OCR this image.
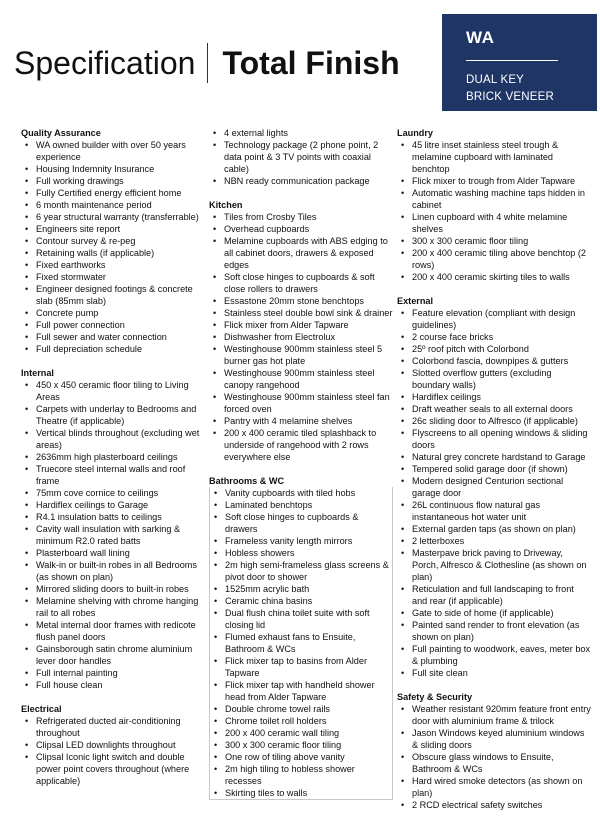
Specification Total Finish
WA
DUAL KEY
BRICK VENEER
Quality Assurance
• WA owned builder with over 50 years experience
• Housing Indemnity Insurance
• Full working drawings
• Fully Certified energy efficient home
• 6 month maintenance period
• 6 year structural warranty (transferrable)
• Engineers site report
• Contour survey & re-peg
• Retaining walls (if applicable)
• Fixed earthworks
• Fixed stormwater
• Engineer designed footings & concrete slab (85mm slab)
• Concrete pump
• Full power connection
• Full sewer and water connection
• Full depreciation schedule
Internal
• 450 x 450 ceramic floor tiling to Living Areas
• Carpets with underlay to Bedrooms and Theatre (if applicable)
• Vertical blinds throughout (excluding wet areas)
• 2636mm high plasterboard ceilings
• Truecore steel internal walls and roof frame
• 75mm cove cornice to ceilings
• Hardiflex ceilings to Garage
• R4.1 insulation batts to ceilings
• Cavity wall insulation with sarking & minimum R2.0 rated batts
• Plasterboard wall lining
• Walk-in or built-in robes in all Bedrooms (as shown on plan)
• Mirrored sliding doors to built-in robes
• Melamine shelving with chrome hanging rail to all robes
• Metal internal door frames with redicote flush panel doors
• Gainsborough satin chrome aluminium lever door handles
• Full internal painting
• Full house clean
Electrical
• Refrigerated ducted air-conditioning throughout
• Clipsal LED downlights throughout
• Clipsal Iconic light switch and double power point covers throughout (where applicable)
• 4 external lights
• Technology package (2 phone point, 2 data point & 3 TV points with coaxial cable)
• NBN ready communication package
Kitchen
• Tiles from Crosby Tiles
• Overhead cupboards
• Melamine cupboards with ABS edging to all cabinet doors, drawers & exposed edges
• Soft close hinges to cupboards & soft close rollers to drawers
• Essastone 20mm stone benchtops
• Stainless steel double bowl sink & drainer
• Flick mixer from Alder Tapware
• Dishwasher from Electrolux
• Westinghouse 900mm stainless steel 5 burner gas hot plate
• Westinghouse 900mm stainless steel canopy rangehood
• Westinghouse 900mm stainless steel fan forced oven
• Pantry with 4 melamine shelves
• 200 x 400 ceramic tiled splashback to underside of rangehood with 2 rows everywhere else
Bathrooms & WC
• Vanity cupboards with tiled hobs
• Laminated benchtops
• Soft close hinges to cupboards & drawers
• Frameless vanity length mirrors
• Hobless showers
• 2m high semi-frameless glass screens & pivot door to shower
• 1525mm acrylic bath
• Ceramic china basins
• Dual flush china toilet suite with soft closing lid
• Flumed exhaust fans to Ensuite, Bathroom & WCs
• Flick mixer tap to basins from Alder Tapware
• Flick mixer tap with handheld shower head from Alder Tapware
• Double chrome towel rails
• Chrome toilet roll holders
• 200 x 400 ceramic wall tiling
• 300 x 300 ceramic floor tiling
• One row of tiling above vanity
• 2m high tiling to hobless shower recesses
• Skirting tiles to walls
Laundry
• 45 litre inset stainless steel trough & melamine cupboard with laminated benchtop
• Flick mixer to trough from Alder Tapware
• Automatic washing machine taps hidden in cabinet
• Linen cupboard with 4 white melamine shelves
• 300 x 300 ceramic floor tiling
• 200 x 400 ceramic tiling above benchtop (2 rows)
• 200 x 400 ceramic skirting tiles to walls
External
• Feature elevation (compliant with design guidelines)
• 2 course face bricks
• 25º roof pitch with Colorbond
• Colorbond fascia, downpipes & gutters
• Slotted overflow gutters (excluding boundary walls)
• Hardiflex ceilings
• Draft weather seals to all external doors
• 26c sliding door to Alfresco (if applicable)
• Flyscreens to all opening windows & sliding doors
• Natural grey concrete hardstand to Garage
• Tempered solid garage door (if shown)
• Modern designed Centurion sectional garage door
• 26L continuous flow natural gas instantaneous hot water unit
• External garden taps (as shown on plan)
• 2 letterboxes
• Masterpave brick paving to Driveway, Porch, Alfresco & Clothesline (as shown on plan)
• Reticulation and full landscaping to front and rear (if applicable)
• Gate to side of home (if applicable)
• Painted sand render to front elevation (as shown on plan)
• Full painting to woodwork, eaves, meter box & plumbing
• Full site clean
Safety & Security
• Weather resistant 920mm feature front entry door with aluminium frame & trilock
• Jason Windows keyed aluminium windows & sliding doors
• Obscure glass windows to Ensuite, Bathroom & WCs
• Hard wired smoke detectors (as shown on plan)
• 2 RCD electrical safety switches
